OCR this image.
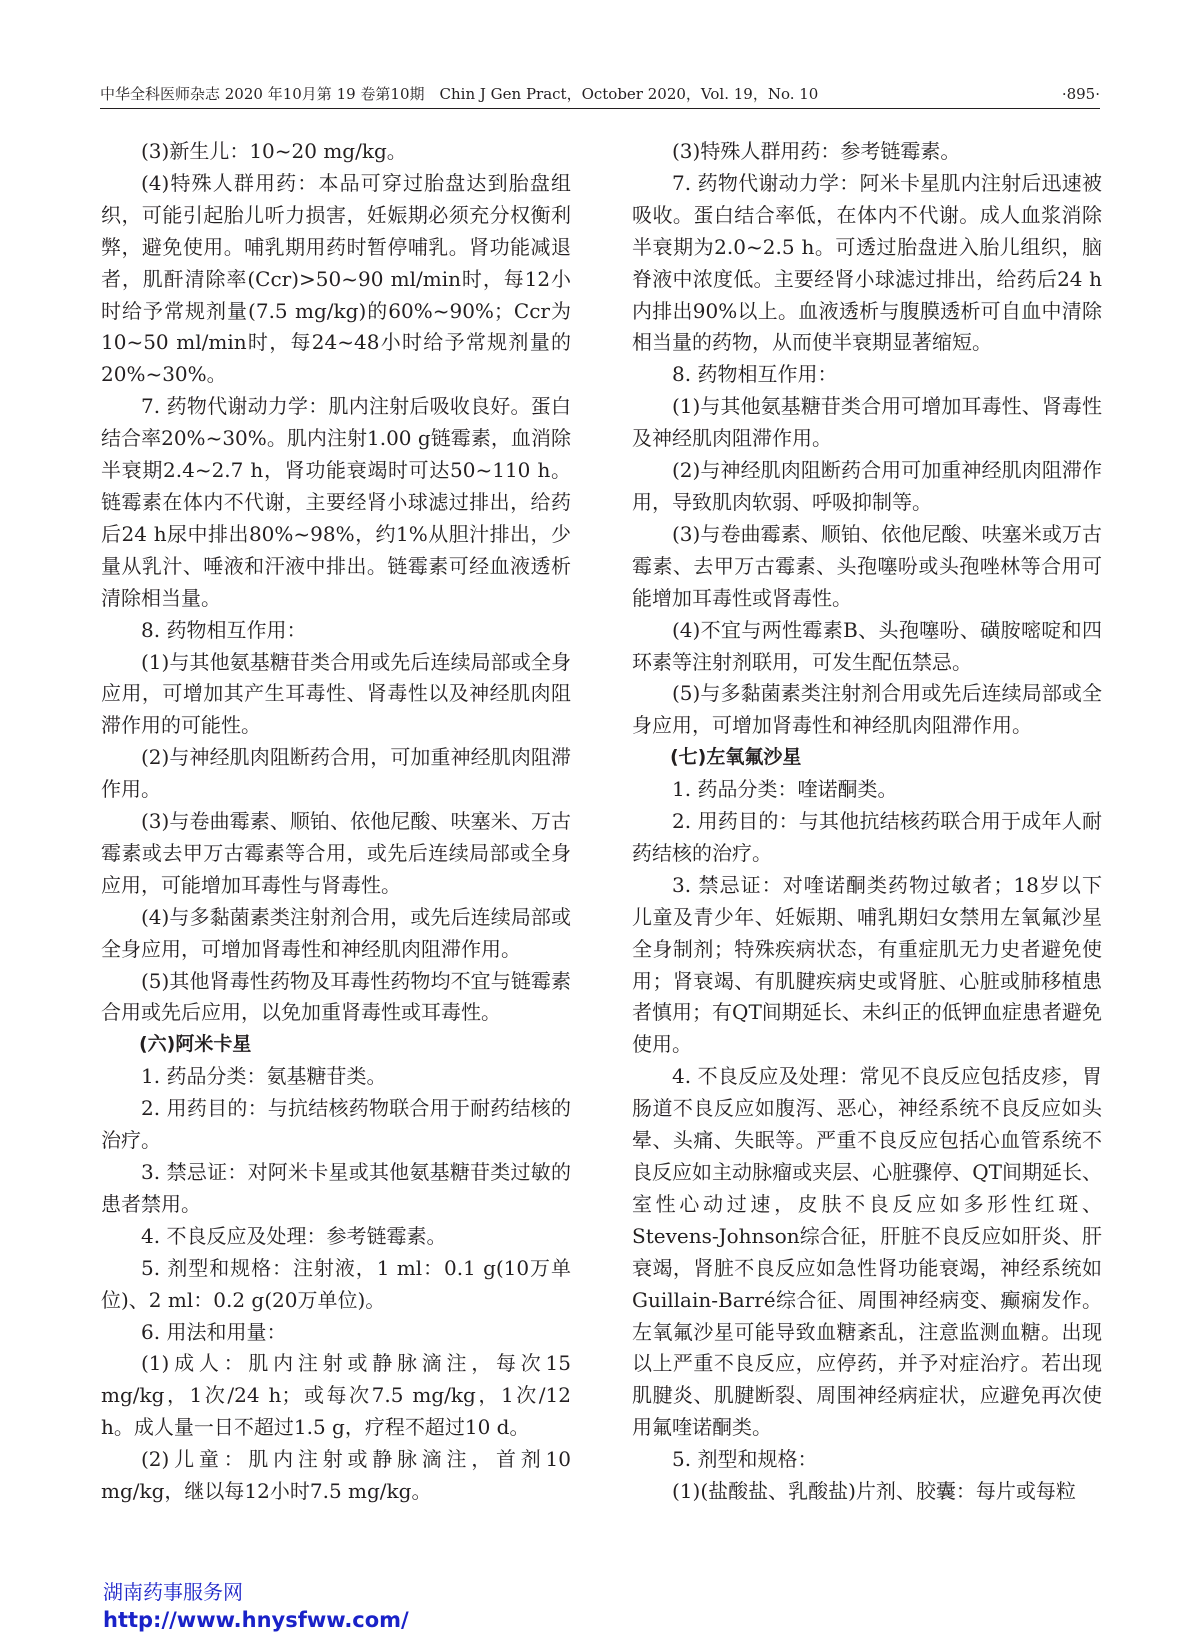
中华全科医师杂志 2020 年10月第 19 卷第10期　Chin J Gen Pract，October 2020，Vol. 19，No. 10	·895·

(3)新生儿：10~20 mg/kg。

(4)特殊人群用药：本品可穿过胎盘达到胎盘组织，可能引起胎儿听力损害，妊娠期必须充分权衡利弊，避免使用。哺乳期用药时暂停哺乳。肾功能减退者，肌酐清除率(Ccr)>50~90 ml/min时，每12小时给予常规剂量(7.5 mg/kg)的60%~90%；Ccr为10~50 ml/min时，每24~48小时给予常规剂量的20%~30%。

7. 药物代谢动力学：肌内注射后吸收良好。蛋白结合率20%~30%。肌内注射1.00 g链霉素，血消除半衰期2.4~2.7 h，肾功能衰竭时可达50~110 h。链霉素在体内不代谢，主要经肾小球滤过排出，给药后24 h尿中排出80%~98%，约1%从胆汁排出，少量从乳汁、唾液和汗液中排出。链霉素可经血液透析清除相当量。

8. 药物相互作用：

(1)与其他氨基糖苷类合用或先后连续局部或全身应用，可增加其产生耳毒性、肾毒性以及神经肌肉阻滞作用的可能性。

(2)与神经肌肉阻断药合用，可加重神经肌肉阻滞作用。

(3)与卷曲霉素、顺铂、依他尼酸、呋塞米、万古霉素或去甲万古霉素等合用，或先后连续局部或全身应用，可能增加耳毒性与肾毒性。

(4)与多黏菌素类注射剂合用，或先后连续局部或全身应用，可增加肾毒性和神经肌肉阻滞作用。

(5)其他肾毒性药物及耳毒性药物均不宜与链霉素合用或先后应用，以免加重肾毒性或耳毒性。

(六)阿米卡星

1. 药品分类：氨基糖苷类。

2. 用药目的：与抗结核药物联合用于耐药结核的治疗。

3. 禁忌证：对阿米卡星或其他氨基糖苷类过敏的患者禁用。

4. 不良反应及处理：参考链霉素。

5. 剂型和规格：注射液，1 ml：0.1 g(10万单位)、2 ml：0.2 g(20万单位)。

6. 用法和用量：

(1)成人：肌内注射或静脉滴注，每次15 mg/kg，1次/24 h；或每次7.5 mg/kg，1次/12 h。成人量一日不超过1.5 g，疗程不超过10 d。

(2)儿童：肌内注射或静脉滴注，首剂10 mg/kg，继以每12小时7.5 mg/kg。

(3)特殊人群用药：参考链霉素。

7. 药物代谢动力学：阿米卡星肌内注射后迅速被吸收。蛋白结合率低，在体内不代谢。成人血浆消除半衰期为2.0~2.5 h。可透过胎盘进入胎儿组织，脑脊液中浓度低。主要经肾小球滤过排出，给药后24 h内排出90%以上。血液透析与腹膜透析可自血中清除相当量的药物，从而使半衰期显著缩短。

8. 药物相互作用：

(1)与其他氨基糖苷类合用可增加耳毒性、肾毒性及神经肌肉阻滞作用。

(2)与神经肌肉阻断药合用可加重神经肌肉阻滞作用，导致肌肉软弱、呼吸抑制等。

(3)与卷曲霉素、顺铂、依他尼酸、呋塞米或万古霉素、去甲万古霉素、头孢噻吩或头孢唑林等合用可能增加耳毒性或肾毒性。

(4)不宜与两性霉素B、头孢噻吩、磺胺嘧啶和四环素等注射剂联用，可发生配伍禁忌。

(5)与多黏菌素类注射剂合用或先后连续局部或全身应用，可增加肾毒性和神经肌肉阻滞作用。

(七)左氧氟沙星

1. 药品分类：喹诺酮类。

2. 用药目的：与其他抗结核药联合用于成年人耐药结核的治疗。

3. 禁忌证：对喹诺酮类药物过敏者；18岁以下儿童及青少年、妊娠期、哺乳期妇女禁用左氧氟沙星全身制剂；特殊疾病状态，有重症肌无力史者避免使用；肾衰竭、有肌腱疾病史或肾脏、心脏或肺移植患者慎用；有QT间期延长、未纠正的低钾血症患者避免使用。

4. 不良反应及处理：常见不良反应包括皮疹，胃肠道不良反应如腹泻、恶心，神经系统不良反应如头晕、头痛、失眠等。严重不良反应包括心血管系统不良反应如主动脉瘤或夹层、心脏骤停、QT间期延长、室性心动过速，皮肤不良反应如多形性红斑、Stevens-Johnson综合征，肝脏不良反应如肝炎、肝衰竭，肾脏不良反应如急性肾功能衰竭，神经系统如Guillain-Barré综合征、周围神经病变、癫痫发作。左氧氟沙星可能导致血糖紊乱，注意监测血糖。出现以上严重不良反应，应停药，并予对症治疗。若出现肌腱炎、肌腱断裂、周围神经病症状，应避免再次使用氟喹诺酮类。

5. 剂型和规格：

(1)(盐酸盐、乳酸盐)片剂、胶囊：每片或每粒

湖南药事服务网
http://www.hnysfww.com/
